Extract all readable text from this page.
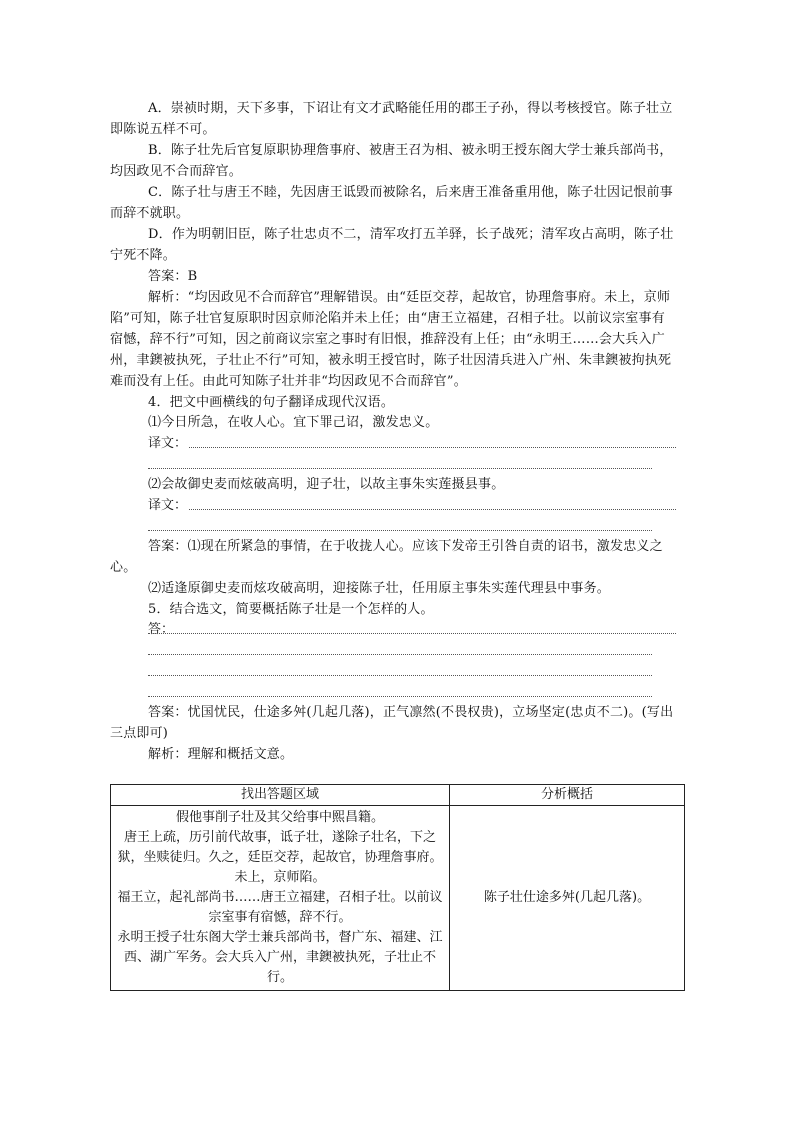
A．崇祯时期，天下多事，下诏让有文才武略能任用的郡王子孙，得以考核授官。陈子壮立即陈说五样不可。

B．陈子壮先后官复原职协理詹事府、被唐王召为相、被永明王授东阁大学士兼兵部尚书，均因政见不合而辞官。

C．陈子壮与唐王不睦，先因唐王诋毁而被除名，后来唐王准备重用他，陈子壮因记恨前事而辞不就职。

D．作为明朝旧臣，陈子壮忠贞不二，清军攻打五羊驿，长子战死；清军攻占高明，陈子壮宁死不降。

答案：B

解析：“均因政见不合而辞官”理解错误。由“廷臣交荐，起故官，协理詹事府。未上，京师陷”可知，陈子壮官复原职时因京师沦陷并未上任；由“唐王立福建，召相子壮。以前议宗室事有宿憾，辞不行”可知，因之前商议宗室之事时有旧恨，推辞没有上任；由“永明王……会大兵入广州，聿鐭被执死，子壮止不行”可知，被永明王授官时，陈子壮因清兵进入广州、朱聿鐭被拘执死难而没有上任。由此可知陈子壮并非“均因政见不合而辞官”。

4．把文中画横线的句子翻译成现代汉语。

⑴今日所急，在收人心。宜下罪己诏，激发忠义。

译文：

⑵会故御史麦而炫破高明，迎子壮，以故主事朱实莲摄县事。

译文：

答案：⑴现在所紧急的事情，在于收拢人心。应该下发帝王引咎自责的诏书，激发忠义之心。

⑵适逢原御史麦而炫攻破高明，迎接陈子壮，任用原主事朱实莲代理县中事务。

5．结合选文，简要概括陈子壮是一个怎样的人。

答：

答案：忧国忧民，仕途多舛(几起几落)，正气凛然(不畏权贵)，立场坚定(忠贞不二)。(写出三点即可)

解析：理解和概括文意。

找出答题区域	分析概括

假他事削子壮及其父给事中熙昌籍。
唐王上疏，历引前代故事，诋子壮，遂除子壮名，下之狱，坐赎徒归。久之，廷臣交荐，起故官，协理詹事府。未上，京师陷。
福王立，起礼部尚书……唐王立福建，召相子壮。以前议宗室事有宿憾，辞不行。
永明王授子壮东阁大学士兼兵部尚书，督广东、福建、江西、湖广军务。会大兵入广州，聿鐭被执死，子壮止不行。	陈子壮仕途多舛(几起几落)。
